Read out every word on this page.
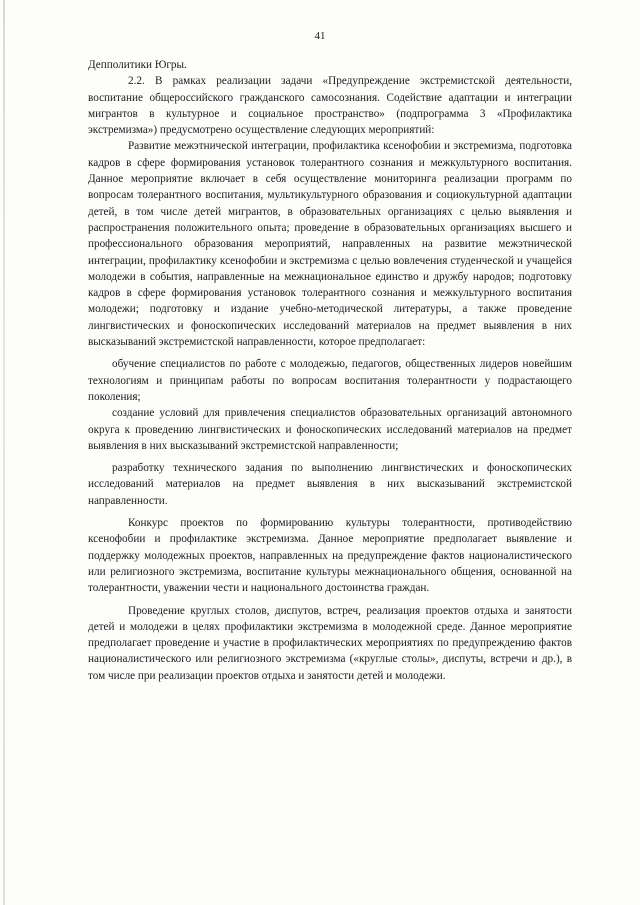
41

Депполитики Югры.

2.2. В рамках реализации задачи «Предупреждение экстремистской деятельности, воспитание общероссийского гражданского самосознания. Содействие адаптации и интеграции мигрантов в культурное и социальное пространство» (подпрограмма 3 «Профилактика экстремизма») предусмотрено осуществление следующих мероприятий:

Развитие межэтнической интеграции, профилактика ксенофобии и экстремизма, подготовка кадров в сфере формирования установок толерантного сознания и межкультурного воспитания. Данное мероприятие включает в себя осуществление мониторинга реализации программ по вопросам толерантного воспитания, мультикультурного образования и социокультурной адаптации детей, в том числе детей мигрантов, в образовательных организациях с целью выявления и распространения положительного опыта; проведение в образовательных организациях высшего и профессионального образования мероприятий, направленных на развитие межэтнической интеграции, профилактику ксенофобии и экстремизма с целью вовлечения студенческой и учащейся молодежи в события, направленные на межнациональное единство и дружбу народов; подготовку кадров в сфере формирования установок толерантного сознания и межкультурного воспитания молодежи; подготовку и издание учебно-методической литературы, а также проведение лингвистических и фоноскопических исследований материалов на предмет выявления в них высказываний экстремистской направленности, которое предполагает:

обучение специалистов по работе с молодежью, педагогов, общественных лидеров новейшим технологиям и принципам работы по вопросам воспитания толерантности у подрастающего поколения;

создание условий для привлечения специалистов образовательных организаций автономного округа к проведению лингвистических и фоноскопических исследований материалов на предмет выявления в них высказываний экстремистской направленности;

разработку технического задания по выполнению лингвистических и фоноскопических исследований материалов на предмет выявления в них высказываний экстремистской направленности.

Конкурс проектов по формированию культуры толерантности, противодействию ксенофобии и профилактике экстремизма. Данное мероприятие предполагает выявление и поддержку молодежных проектов, направленных на предупреждение фактов националистического или религиозного экстремизма, воспитание культуры межнационального общения, основанной на толерантности, уважении чести и национального достоинства граждан.

Проведение круглых столов, диспутов, встреч, реализация проектов отдыха и занятости детей и молодежи в целях профилактики экстремизма в молодежной среде. Данное мероприятие предполагает проведение и участие в профилактических мероприятиях по предупреждению фактов националистического или религиозного экстремизма («круглые столы», диспуты, встречи и др.), в том числе при реализации проектов отдыха и занятости детей и молодежи.
